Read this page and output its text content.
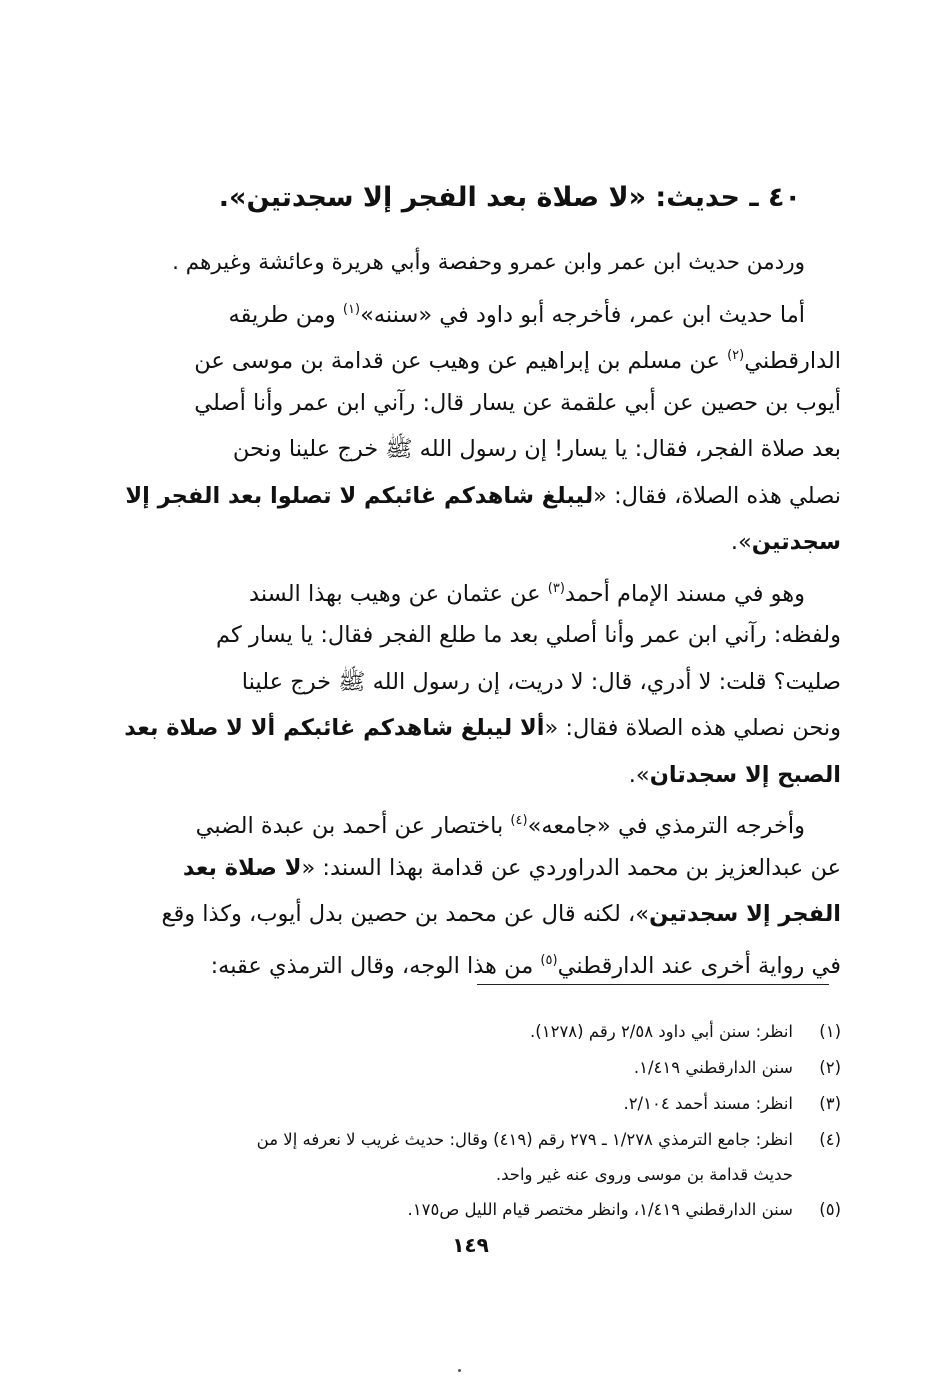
٤٠ ـ حديث: «لا صلاة بعد الفجر إلا سجدتين».
وردمن حديث ابن عمر وابن عمرو وحفصة وأبي هريرة وعائشة وغيرهم .
أما حديث ابن عمر، فأخرجه أبو داود في «سننه»$^{(١)}$ ومن طريقه
الدارقطني$^{(٢)}$ عن مسلم بن إبراهيم عن وهيب عن قدامة بن موسى عن
أيوب بن حصين عن أبي علقمة عن يسار قال: رآني ابن عمر وأنا أصلي
بعد صلاة الفجر، فقال: يا يسار! إن رسول الله ﷺ خرج علينا ونحن
نصلي هذه الصلاة، فقال: «ليبلغ شاهدكم غائبكم لا تصلوا بعد الفجر إلا
سجدتين».
وهو في مسند الإمام أحمد$^{(٣)}$ عن عثمان عن وهيب بهذا السند
ولفظه: رآني ابن عمر وأنا أصلي بعد ما طلع الفجر فقال: يا يسار كم
صليت؟ قلت: لا أدري، قال: لا دريت، إن رسول الله ﷺ خرج علينا
ونحن نصلي هذه الصلاة فقال: «ألا ليبلغ شاهدكم غائبكم ألا لا صلاة بعد
الصبح إلا سجدتان».
وأخرجه الترمذي في «جامعه»$^{(٤)}$ باختصار عن أحمد بن عبدة الضبي
عن عبدالعزيز بن محمد الدراوردي عن قدامة بهذا السند: «لا صلاة بعد
الفجر إلا سجدتين»، لكنه قال عن محمد بن حصين بدل أيوب، وكذا وقع
في رواية أخرى عند الدارقطني$^{(٥)}$ من هذا الوجه، وقال الترمذي عقبه:
(١)
انظر: سنن أبي داود ٢/٥٨ رقم (١٢٧٨).
(٢)
سنن الدارقطني ١/٤١٩.
(٣)
انظر: مسند أحمد ٢/١٠٤.
(٤)
انظر: جامع الترمذي ١/٢٧٨ ـ ٢٧٩ رقم (٤١٩) وقال: حديث غريب لا نعرفه إلا من
حديث قدامة بن موسى وروى عنه غير واحد.
(٥)
سنن الدارقطني ١/٤١٩، وانظر مختصر قيام الليل ص١٧٥.
١٤٩
